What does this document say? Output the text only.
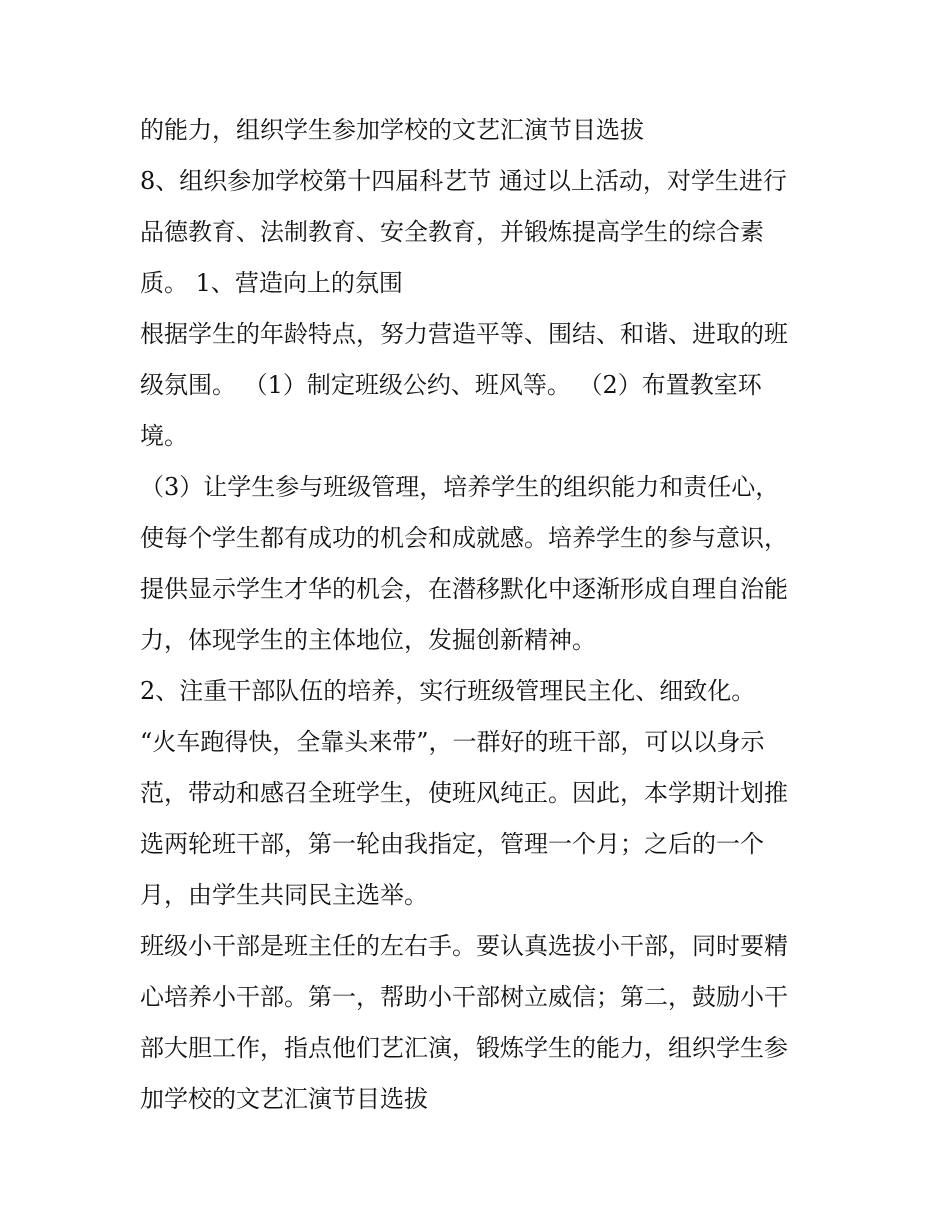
的能力，组织学生参加学校的文艺汇演节目选拔
8、组织参加学校第十四届科艺节 通过以上活动，对学生进行
品德教育、法制教育、安全教育，并锻炼提高学生的综合素
质。 1、营造向上的氛围
根据学生的年龄特点，努力营造平等、围结、和谐、进取的班
级氛围。 （1）制定班级公约、班风等。 （2）布置教室环
境。
（3）让学生参与班级管理，培养学生的组织能力和责任心，
使每个学生都有成功的机会和成就感。培养学生的参与意识，
提供显示学生才华的机会，在潜移默化中逐渐形成自理自治能
力，体现学生的主体地位，发掘创新精神。
2、注重干部队伍的培养，实行班级管理民主化、细致化。
“火车跑得快，全靠头来带”，一群好的班干部，可以以身示
范，带动和感召全班学生，使班风纯正。因此，本学期计划推
选两轮班干部，第一轮由我指定，管理一个月；之后的一个
月，由学生共同民主选举。
班级小干部是班主任的左右手。要认真选拔小干部，同时要精
心培养小干部。第一，帮助小干部树立威信；第二，鼓励小干
部大胆工作，指点他们艺汇演，锻炼学生的能力，组织学生参
加学校的文艺汇演节目选拔
